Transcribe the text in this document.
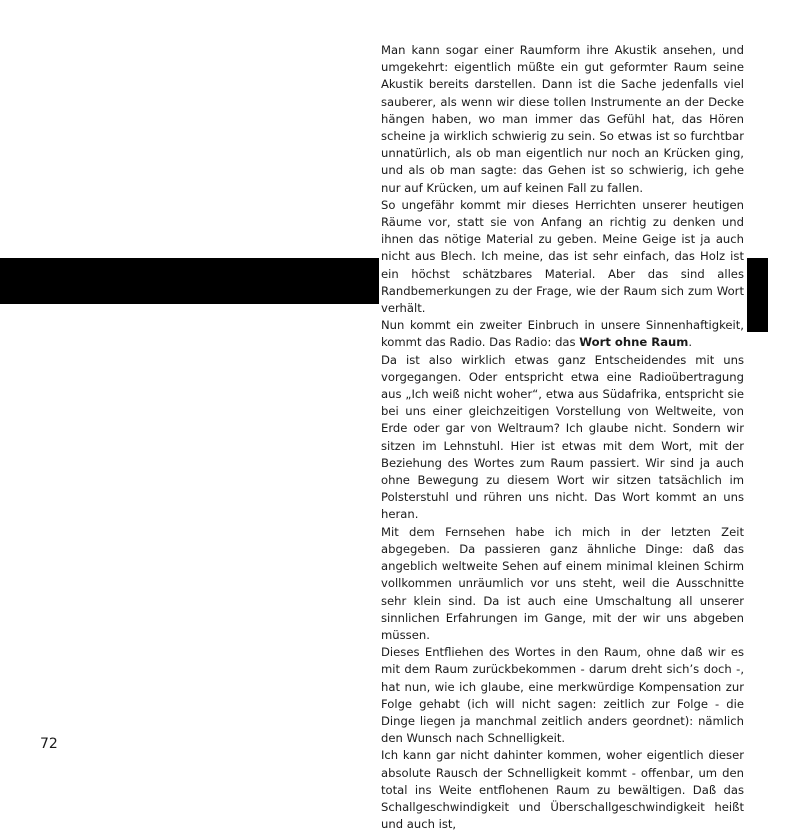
Man kann sogar einer Raumform ihre Akustik ansehen, und umgekehrt: eigentlich müßte ein gut geformter Raum seine Akustik bereits darstellen. Dann ist die Sache jedenfalls viel sauberer, als wenn wir diese tollen Instrumente an der Decke hängen haben, wo man immer das Gefühl hat, das Hören scheine ja wirklich schwierig zu sein. So etwas ist so furchtbar unnatürlich, als ob man eigentlich nur noch an Krücken ging, und als ob man sagte: das Gehen ist so schwierig, ich gehe nur auf Krücken, um auf keinen Fall zu fallen.

So ungefähr kommt mir dieses Herrichten unserer heutigen Räume vor, statt sie von Anfang an richtig zu denken und ihnen das nötige Material zu geben. Meine Geige ist ja auch nicht aus Blech. Ich meine, das ist sehr einfach, das Holz ist ein höchst schätzbares Material. Aber das sind alles Randbemerkungen zu der Frage, wie der Raum sich zum Wort verhält.

Nun kommt ein zweiter Einbruch in unsere Sinnenhaftigkeit, kommt das Radio. Das Radio: das Wort ohne Raum.

Da ist also wirklich etwas ganz Entscheidendes mit uns vorgegangen. Oder entspricht etwa eine Radioübertragung aus „Ich weiß nicht woher“, etwa aus Südafrika, entspricht sie bei uns einer gleichzeitigen Vorstellung von Weltweite, von Erde oder gar von Weltraum? Ich glaube nicht. Sondern wir sitzen im Lehnstuhl. Hier ist etwas mit dem Wort, mit der Beziehung des Wortes zum Raum passiert. Wir sind ja auch ohne Bewegung zu diesem Wort wir sitzen tatsächlich im Polsterstuhl und rühren uns nicht. Das Wort kommt an uns heran.

Mit dem Fernsehen habe ich mich in der letzten Zeit abgegeben. Da passieren ganz ähnliche Dinge: daß das angeblich weltweite Sehen auf einem minimal kleinen Schirm vollkommen unräumlich vor uns steht, weil die Ausschnitte sehr klein sind. Da ist auch eine Umschaltung all unserer sinnlichen Erfahrungen im Gange, mit der wir uns abgeben müssen.

Dieses Entfliehen des Wortes in den Raum, ohne daß wir es mit dem Raum zurückbekommen - darum dreht sich’s doch -, hat nun, wie ich glaube, eine merkwürdige Kompensation zur Folge gehabt (ich will nicht sagen: zeitlich zur Folge - die Dinge liegen ja manchmal zeitlich anders geordnet): nämlich den Wunsch nach Schnelligkeit.

Ich kann gar nicht dahinter kommen, woher eigentlich dieser absolute Rausch der Schnelligkeit kommt - offenbar, um den total ins Weite entflohenen Raum zu bewältigen. Daß das Schallgeschwindigkeit und Überschallgeschwindigkeit heißt und auch ist,

72
